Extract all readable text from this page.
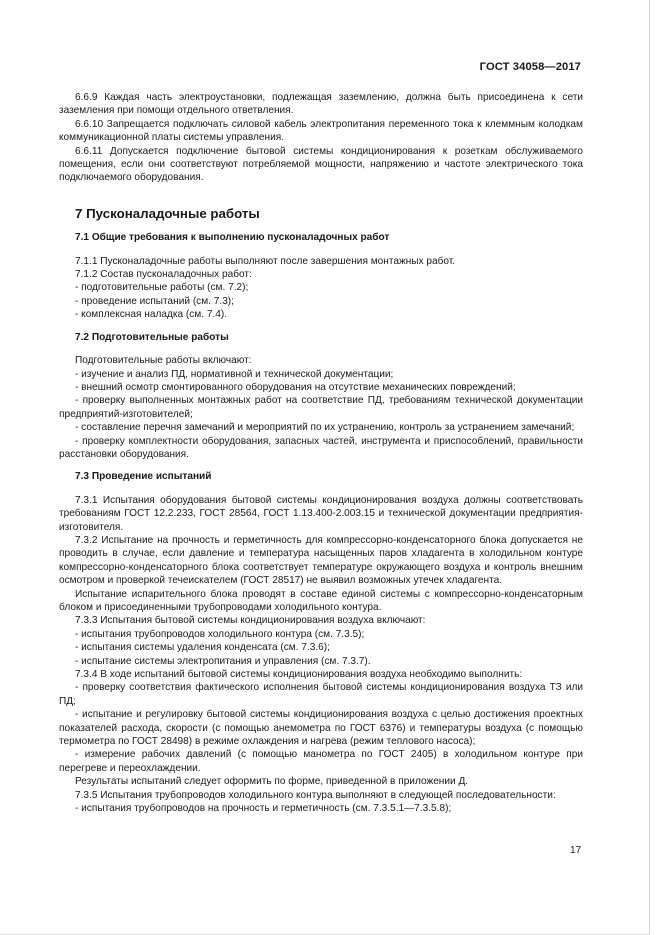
ГОСТ 34058—2017

6.6.9 Каждая часть электроустановки, подлежащая заземлению, должна быть присоединена к сети заземления при помощи отдельного ответвления.

6.6.10 Запрещается подключать силовой кабель электропитания переменного тока к клеммным колодкам коммуникационной платы системы управления.

6.6.11 Допускается подключение бытовой системы кондиционирования к розеткам обслуживаемого помещения, если они соответствуют потребляемой мощности, напряжению и частоте электрического тока подключаемого оборудования.

7 Пусконаладочные работы
7.1 Общие требования к выполнению пусконаладочных работ

7.1.1 Пусконаладочные работы выполняют после завершения монтажных работ.

7.1.2 Состав пусконаладочных работ:

- подготовительные работы (см. 7.2);

- проведение испытаний (см. 7.3);

- комплексная наладка (см. 7.4).

7.2 Подготовительные работы

Подготовительные работы включают:

- изучение и анализ ПД, нормативной и технической документации;

- внешний осмотр смонтированного оборудования на отсутствие механических повреждений;

- проверку выполненных монтажных работ на соответствие ПД, требованиям технической документации предприятий-изготовителей;

- составление перечня замечаний и мероприятий по их устранению, контроль за устранением замечаний;

- проверку комплектности оборудования, запасных частей, инструмента и приспособлений, правильности расстановки оборудования.

7.3 Проведение испытаний

7.3.1 Испытания оборудования бытовой системы кондиционирования воздуха должны соответствовать требованиям ГОСТ 12.2.233, ГОСТ 28564, ГОСТ 1.13.400-2.003.15 и технической документации предприятия-изготовителя.

7.3.2 Испытание на прочность и герметичность для компрессорно-конденсаторного блока допускается не проводить в случае, если давление и температура насыщенных паров хладагента в холодильном контуре компрессорно-конденсаторного блока соответствует температуре окружающего воздуха и контроль внешним осмотром и проверкой течеискателем (ГОСТ 28517) не выявил возможных утечек хладагента.

Испытание испарительного блока проводят в составе единой системы с компрессорно-конденсаторным блоком и присоединенными трубопроводами холодильного контура.

7.3.3 Испытания бытовой системы кондиционирования воздуха включают:

- испытания трубопроводов холодильного контура (см. 7.3.5);

- испытания системы удаления конденсата (см. 7.3.6);

- испытание системы электропитания и управления (см. 7.3.7).

7.3.4 В ходе испытаний бытовой системы кондиционирования воздуха необходимо выполнить:

- проверку соответствия фактического исполнения бытовой системы кондиционирования воздуха ТЗ или ПД;

- испытание и регулировку бытовой системы кондиционирования воздуха с целью достижения проектных показателей расхода, скорости (с помощью анемометра по ГОСТ 6376) и температуры воздуха (с помощью термометра по ГОСТ 28498) в режиме охлаждения и нагрева (режим теплового насоса);

- измерение рабочих давлений (с помощью манометра по ГОСТ 2405) в холодильном контуре при перегреве и переохлаждении.

Результаты испытаний следует оформить по форме, приведенной в приложении Д.

7.3.5 Испытания трубопроводов холодильного контура выполняют в следующей последовательности:

- испытания трубопроводов на прочность и герметичность (см. 7.3.5.1—7.3.5.8);

17
